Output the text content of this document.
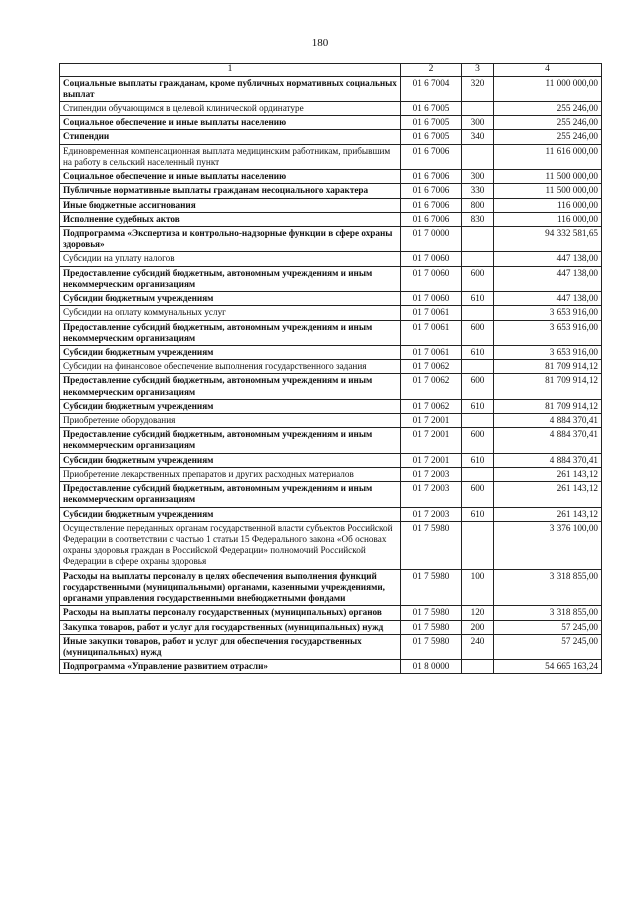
180
1	2	3	4
Социальные выплаты гражданам, кроме публичных нормативных социальных выплат	01 6 7004	320	11 000 000,00
Стипендии обучающимся в целевой клинической ординатуре	01 6 7005		255 246,00
Социальное обеспечение и иные выплаты населению	01 6 7005	300	255 246,00
Стипендии	01 6 7005	340	255 246,00
Единовременная компенсационная выплата медицинским работникам, прибывшим на работу в сельский населенный пункт	01 6 7006		11 616 000,00
Социальное обеспечение и иные выплаты населению	01 6 7006	300	11 500 000,00
Публичные нормативные выплаты гражданам несоциального характера	01 6 7006	330	11 500 000,00
Иные бюджетные ассигнования	01 6 7006	800	116 000,00
Исполнение судебных актов	01 6 7006	830	116 000,00
Подпрограмма «Экспертиза и контрольно-надзорные функции в сфере охраны здоровья»	01 7 0000		94 332 581,65
Субсидии на уплату налогов	01 7 0060		447 138,00
Предоставление субсидий бюджетным, автономным учреждениям и иным некоммерческим организациям	01 7 0060	600	447 138,00
Субсидии бюджетным учреждениям	01 7 0060	610	447 138,00
Субсидии на оплату коммунальных услуг	01 7 0061		3 653 916,00
Предоставление субсидий бюджетным, автономным учреждениям и иным некоммерческим организациям	01 7 0061	600	3 653 916,00
Субсидии бюджетным учреждениям	01 7 0061	610	3 653 916,00
Субсидии на финансовое обеспечение выполнения государственного задания	01 7 0062		81 709 914,12
Предоставление субсидий бюджетным, автономным учреждениям и иным некоммерческим организациям	01 7 0062	600	81 709 914,12
Субсидии бюджетным учреждениям	01 7 0062	610	81 709 914,12
Приобретение оборудования	01 7 2001		4 884 370,41
Предоставление субсидий бюджетным, автономным учреждениям и иным некоммерческим организациям	01 7 2001	600	4 884 370,41
Субсидии бюджетным учреждениям	01 7 2001	610	4 884 370,41
Приобретение лекарственных препаратов и других расходных материалов	01 7 2003		261 143,12
Предоставление субсидий бюджетным, автономным учреждениям и иным некоммерческим организациям	01 7 2003	600	261 143,12
Субсидии бюджетным учреждениям	01 7 2003	610	261 143,12
Осуществление переданных органам государственной власти субъектов Российской Федерации в соответствии с частью 1 статьи 15 Федерального закона «Об основах охраны здоровья граждан в Российской Федерации» полномочий Российской Федерации в сфере охраны здоровья	01 7 5980		3 376 100,00
Расходы на выплаты персоналу в целях обеспечения выполнения функций государственными (муниципальными) органами, казенными учреждениями, органами управления государственными внебюджетными фондами	01 7 5980	100	3 318 855,00
Расходы на выплаты персоналу государственных (муниципальных) органов	01 7 5980	120	3 318 855,00
Закупка товаров, работ и услуг для государственных (муниципальных) нужд	01 7 5980	200	57 245,00
Иные закупки товаров, работ и услуг для обеспечения государственных (муниципальных) нужд	01 7 5980	240	57 245,00
Подпрограмма «Управление развитием отрасли»	01 8 0000		54 665 163,24
